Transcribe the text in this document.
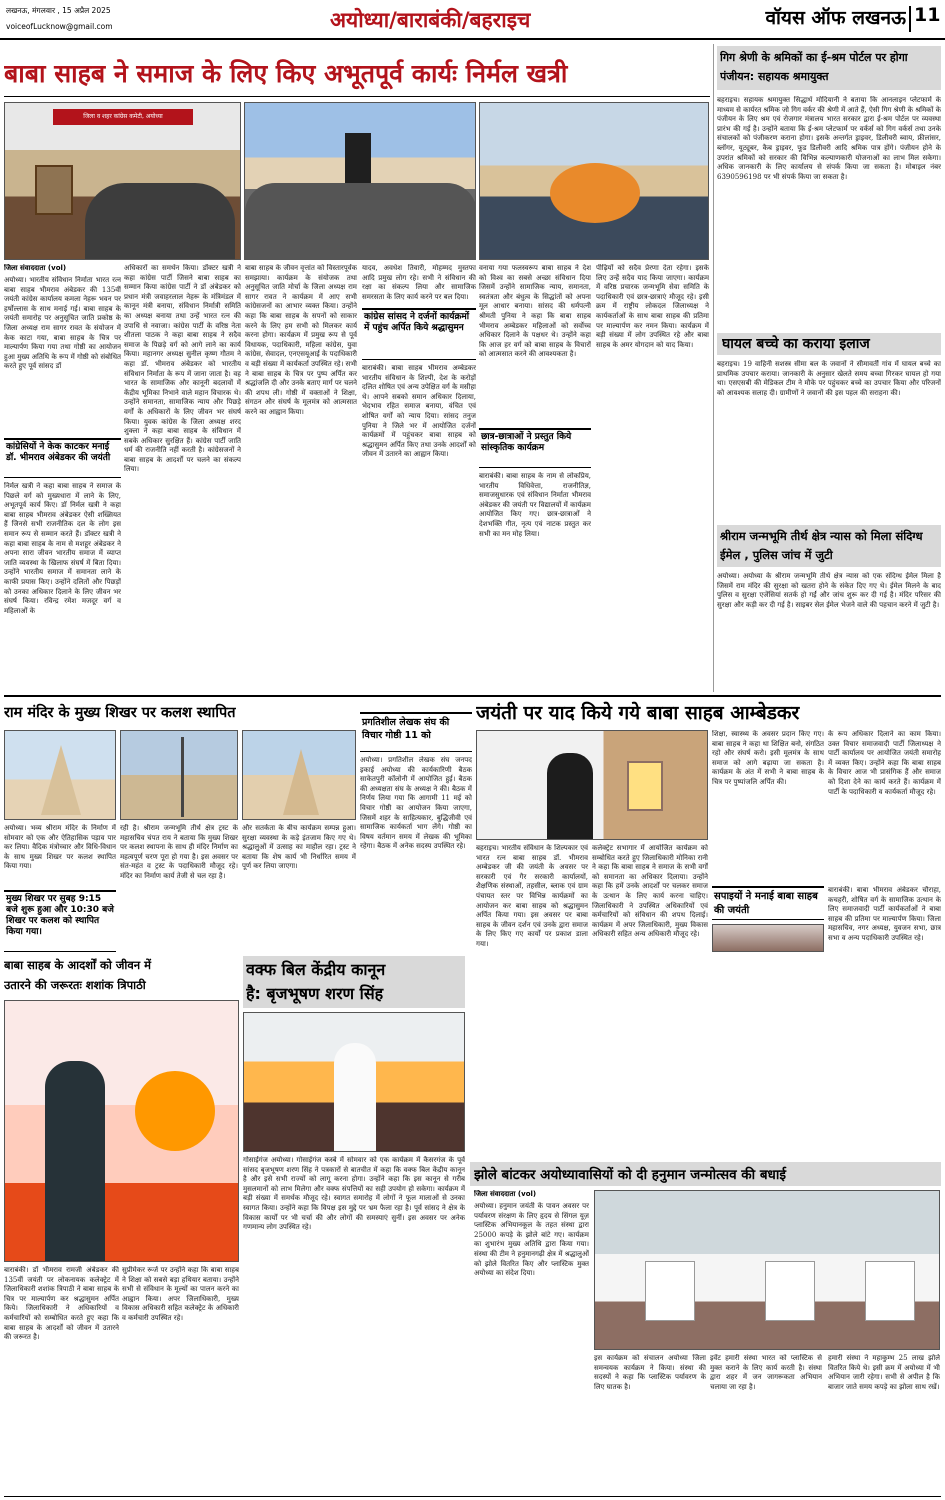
लखनऊ, मंगलवार , 15 अप्रैल 2025
voiceofLucknow@gmail.com	अयोध्या/बाराबंकी/बहराइच	वॉयस ऑफ लखनऊ 11
बाबा साहब ने समाज के लिए किए अभूतपूर्व कार्यः निर्मल खत्री
जिला व शहर कांग्रेस कमेटी, अयोध्या
जिला संवाददाता (vol)
अयोध्या। भारतीय संविधान निर्माता भारत रत्न बाबा साहब भीमराव अंबेडकर की 135वीं जयंती कांग्रेस कार्यालय कमला नेहरू भवन पर हर्षोल्लास के साथ मनाई गई। बाबा साहब के जयंती समारोह पर अनुसूचित जाति प्रकोष्ठ के जिला अध्यक्ष राम सागर रावत के संयोजन में केक काटा गया, बाबा साहब के चित्र पर माल्यार्पण किया गया तथा गोष्ठी का आयोजन हुआ मुख्य अतिथि के रूप में गोष्ठी को संबोधित करते हुए पूर्व सांसद डॉ
कांग्रेसियों ने केक काटकर मनाई डॉ. भीमराव अंबेडकर की जयंती
निर्मल खत्री ने कहा बाबा साहब ने समाज के पिछले वर्ग को मुख्यधारा में लाने के लिए, अभूतपूर्व कार्य किए। डॉ निर्मल खत्री ने कहा बाबा साहब भीमराव अंबेडकर ऐसी शख्सियत हैं जिनसे सभी राजनीतिक दल के लोग इस समान रूप से सम्मान करते हैं। डॉक्टर खत्री ने कहा बाबा साहब के नाम से मशहूर अंबेडकर ने अपना सारा जीवन भारतीय समाज में व्याप्त जाति व्यवस्था के खिलाफ संघर्ष में बिता दिया। उन्होंने भारतीय समाज में समानता लाने के काफी प्रयास किए। उन्होंने दलितों और पिछड़ों को उनका अधिकार दिलाने के लिए जीवन भर संघर्ष किया। रविन्द्र रमेश मजदूर वर्ग व महिलाओं के
अधिकारों का समर्थन किया। डॉक्टर खत्री ने कहा कांग्रेस पार्टी जिसने बाबा साहब का सम्मान किया कांग्रेस पार्टी ने डॉ अंबेडकर को प्रधान मंत्री जवाहरलाल नेहरू के मंत्रिमंडल में कानून मंत्री बनाया, संविधान निर्मात्री समिति का अध्यक्ष बनाया तथा उन्हें भारत रत्न की उपाधि से नवाजा। कांग्रेस पार्टी के वरिष्ठ नेता शीतला पाठक ने कहा बाबा साहब ने सदैव समाज के पिछड़े वर्ग को आगे लाने का कार्य किया। महानगर अध्यक्ष सुनील कृष्ण गौतम ने कहा डॉ. भीमराव अंबेडकर को भारतीय संविधान निर्माता के रूप में जाना जाता है। वह भारत के सामाजिक और कानूनी बदलावों में केंद्रीय भूमिका निभाने वाले महान विचारक थे। उन्होंने समानता, सामाजिक न्याय और पिछड़े वर्गों के अधिकारों के लिए जीवन भर संघर्ष किया। युवक कांग्रेस के जिला अध्यक्ष शरद शुक्ला ने कहा बाबा साहब के संविधान में सबके अधिकार सुरक्षित हैं। कांग्रेस पार्टी जाति धर्म की राजनीति नहीं करती है। कांग्रेसजनों ने बाबा साहब के आदर्शों पर चलने का संकल्प लिया।
बाबा साहब के जीवन वृत्तांत को विस्तारपूर्वक समझाया। कार्यक्रम के संयोजक तथा अनुसूचित जाति मोर्चा के जिला अध्यक्ष राम सागर रावत ने कार्यक्रम में आए सभी कांग्रेसजनों का आभार व्यक्त किया। उन्होंने कहा कि बाबा साहब के सपनों को साकार करने के लिए हम सभी को मिलकर कार्य करना होगा। कार्यक्रम में प्रमुख रूप से पूर्व विधायक, पदाधिकारी, महिला कांग्रेस, युवा कांग्रेस, सेवादल, एनएसयूआई के पदाधिकारी व बड़ी संख्या में कार्यकर्ता उपस्थित रहे। सभी ने बाबा साहब के चित्र पर पुष्प अर्पित कर श्रद्धांजलि दी और उनके बताए मार्ग पर चलने की शपथ ली। गोष्ठी में वक्ताओं ने शिक्षा, संगठन और संघर्ष के मूलमंत्र को आत्मसात करने का आह्वान किया।
यादव, अवधेश तिवारी, मोहम्मद मुस्तफा आदि प्रमुख लोग रहे। सभी ने संविधान की रक्षा का संकल्प लिया और सामाजिक समरसता के लिए कार्य करने पर बल दिया।
कांग्रेस सांसद ने दर्जनों कार्यक्रमों में पहुंच अर्पित किये श्रद्धासुमन
बाराबंकी। बाबा साहब भीमराव अम्बेडकर भारतीय संविधान के शिल्पी, देश के करोड़ों दलित शोषित एवं अन्य उपेक्षित वर्ग के मसीहा थे। आपने सबको समान अधिकार दिलाया, भेदभाव रहित समाज बनाया, वंचित एवं शोषित वर्गों को न्याय दिया। सांसद तनुज पुनिया ने जिले भर में आयोजित दर्जनों कार्यक्रमों में पहुंचकर बाबा साहब को श्रद्धासुमन अर्पित किए तथा उनके आदर्शों को जीवन में उतारने का आह्वान किया।
वनाया गया फलस्वरूप बाबा साहब ने देश को विश्व का सबसे अच्छा संविधान दिया जिसमें उन्होंने सामाजिक न्याय, समानता, स्वतंत्रता और बंधुत्व के सिद्धांतों को अपना मूल आधार बनाया। सांसद की धर्मपत्नी श्रीमती पुनिया ने कहा कि बाबा साहब भीमराव अम्बेडकर महिलाओं को सर्वोच्च अधिकार दिलाने के पक्षधर थे। उन्होंने कहा कि आज हर वर्ग को बाबा साहब के विचारों को आत्मसात करने की आवश्यकता है।
छात्र-छात्राओं ने प्रस्तुत किये सांस्कृतिक कार्यक्रम
बाराबंकी। बाबा साहब के नाम से लोकप्रिय, भारतीय विधिवेत्ता, राजनीतिज्ञ, समाजसुधारक एवं संविधान निर्माता भीमराव अंबेडकर की जयंती पर विद्यालयों में कार्यक्रम आयोजित किए गए। छात्र-छात्राओं ने देशभक्ति गीत, नृत्य एवं नाटक प्रस्तुत कर सभी का मन मोह लिया।
पीढ़ियों को सदैव प्रेरणा देता रहेगा। इसके लिए उन्हें सदैव याद किया जाएगा। कार्यक्रम में वरिष्ठ प्रचारक जन्मभूमि सेवा समिति के पदाधिकारी एवं छात्र-छात्राएं मौजूद रहे। इसी क्रम में राष्ट्रीय लोकदल जिलाध्यक्ष ने कार्यकर्ताओं के साथ बाबा साहब की प्रतिमा पर माल्यार्पण कर नमन किया। कार्यक्रम में बड़ी संख्या में लोग उपस्थित रहे और बाबा साहब के अमर योगदान को याद किया।
गिग श्रेणी के श्रमिकों का ई-श्रम पोर्टल पर होगा पंजीयन: सहायक श्रमायुक्त
बहराइच। सहायक श्रमायुक्त सिद्धार्थ मोदियानी ने बताया कि आनलाइन प्लेटफार्म के माध्यम से कार्यरत श्रमिक जो गिग वर्कर की श्रेणी में आते हैं, ऐसी गिग श्रेणी के श्रमिकों के पंजीयन के लिए श्रम एवं रोजगार मंत्रालय भारत सरकार द्वारा ई-श्रम पोर्टल पर व्यवस्था प्रारंभ की गई है। उन्होंने बताया कि ई-श्रम प्लेटफार्म पर वर्कर्स को गिग वर्कर्स तथा उनके संचालकों को पंजीकरण कराना होगा। इसके अन्तर्गत ड्राइवर, डिलीवरी ब्वाय, फ्रीलांसर, ब्लॉगर, यूट्यूबर, कैब ड्राइवर, फूड डिलीवरी आदि श्रमिक पात्र होंगे। पंजीयन होने के उपरांत श्रमिकों को सरकार की विभिन्न कल्याणकारी योजनाओं का लाभ मिल सकेगा। अधिक जानकारी के लिए कार्यालय से संपर्क किया जा सकता है। मोबाइल नंबर 6390596198 पर भी संपर्क किया जा सकता है।
घायल बच्चे का कराया इलाज
बहराइच। 19 वाहिनी सशस्त्र सीमा बल के जवानों ने सीमावर्ती गांव में घायल बच्चे का प्राथमिक उपचार कराया। जानकारी के अनुसार खेलते समय बच्चा गिरकर घायल हो गया था। एसएसबी की मेडिकल टीम ने मौके पर पहुंचकर बच्चे का उपचार किया और परिजनों को आवश्यक सलाह दी। ग्रामीणों ने जवानों की इस पहल की सराहना की।
श्रीराम जन्मभूमि तीर्थ क्षेत्र न्यास को मिला संदिग्ध ईमेल , पुलिस जांच में जुटी
अयोध्या। अयोध्या के श्रीराम जन्मभूमि तीर्थ क्षेत्र न्यास को एक संदिग्ध ईमेल मिला है जिसमें राम मंदिर की सुरक्षा को खतरा होने के संकेत दिए गए थे। ईमेल मिलने के बाद पुलिस व सुरक्षा एजेंसियां सतर्क हो गईं और जांच शुरू कर दी गई है। मंदिर परिसर की सुरक्षा और कड़ी कर दी गई है। साइबर सेल ईमेल भेजने वाले की पहचान करने में जुटी है।
राम मंदिर के मुख्य शिखर पर कलश स्थापित
अयोध्या। भव्य श्रीराम मंदिर के निर्माण में सोमवार को एक और ऐतिहासिक पड़ाव पार कर लिया। वैदिक मंत्रोच्चार और विधि-विधान के साथ मुख्य शिखर पर कलश स्थापित किया गया।
मुख्य शिखर पर सुबह 9:15 बजे शुरू हुआ और 10:30 बजे शिखर पर कलश को स्थापित किया गया।
रही है। श्रीराम जन्मभूमि तीर्थ क्षेत्र ट्रस्ट के महासचिव चंपत राय ने बताया कि मुख्य शिखर पर कलश स्थापना के साथ ही मंदिर निर्माण का महत्वपूर्ण चरण पूरा हो गया है। इस अवसर पर संत-महंत व ट्रस्ट के पदाधिकारी मौजूद रहे। मंदिर का निर्माण कार्य तेजी से चल रहा है।
और सतर्कता के बीच कार्यक्रम सम्पन्न हुआ। सुरक्षा व्यवस्था के कड़े इंतजाम किए गए थे। श्रद्धालुओं में उत्साह का माहौल रहा। ट्रस्ट ने बताया कि शेष कार्य भी निर्धारित समय में पूर्ण कर लिया जाएगा।
प्रगतिशील लेखक संघ की विचार गोष्ठी 11 को
अयोध्या। प्रगतिशील लेखक संघ जनपद इकाई अयोध्या की कार्यकारिणी बैठक साकेतपुरी कॉलोनी में आयोजित हुई। बैठक की अध्यक्षता संघ के अध्यक्ष ने की। बैठक में निर्णय लिया गया कि आगामी 11 मई को विचार गोष्ठी का आयोजन किया जाएगा, जिसमें शहर के साहित्यकार, बुद्धिजीवी एवं सामाजिक कार्यकर्ता भाग लेंगे। गोष्ठी का विषय वर्तमान समय में लेखक की भूमिका रहेगा। बैठक में अनेक सदस्य उपस्थित रहे।
जयंती पर याद किये गये बाबा साहब आम्बेडकर
बहराइच। भारतीय संविधान के शिल्पकार एवं भारत रत्न बाबा साहब डॉ. भीमराव अम्बेडकर जी की जयंती के अवसर पर सरकारी एवं गैर सरकारी कार्यालयों, शैक्षणिक संस्थाओं, तहसील, ब्लाक एवं ग्राम पंचायत स्तर पर विभिन्न कार्यक्रमों का आयोजन कर बाबा साहब को श्रद्धासुमन अर्पित किया गया। इस अवसर पर बाबा साहब के जीवन दर्शन एवं उनके द्वारा समाज के लिए किए गए कार्यों पर प्रकाश डाला गया।
कलेक्ट्रेट सभागार में आयोजित कार्यक्रम को सम्बोधित करते हुए जिलाधिकारी मोनिका रानी ने कहा कि बाबा साहब ने समाज के सभी वर्गों को समानता का अधिकार दिलाया। उन्होंने कहा कि हमें उनके आदर्शों पर चलकर समाज के उत्थान के लिए कार्य करना चाहिए। जिलाधिकारी ने उपस्थित अधिकारियों एवं कर्मचारियों को संविधान की शपथ दिलाई। कार्यक्रम में अपर जिलाधिकारी, मुख्य विकास अधिकारी सहित अन्य अधिकारी मौजूद रहे।
शिक्षा, स्वास्थ्य के अवसर प्रदान किए गए। बाबा साहब ने कहा था शिक्षित बनो, संगठित रहो और संघर्ष करो। इसी मूलमंत्र के साथ समाज को आगे बढ़ाया जा सकता है। कार्यक्रम के अंत में सभी ने बाबा साहब के चित्र पर पुष्पांजलि अर्पित की।
के रूप अधिकार दिलाने का काम किया। उक्त विचार समाजवादी पार्टी जिलाध्यक्ष ने पार्टी कार्यालय पर आयोजित जयंती समारोह में व्यक्त किए। उन्होंने कहा कि बाबा साहब के विचार आज भी प्रासंगिक हैं और समाज को दिशा देने का कार्य करते हैं। कार्यक्रम में पार्टी के पदाधिकारी व कार्यकर्ता मौजूद रहे।
सपाइयों ने मनाई बाबा साहब की जयंती
बाराबंकी। बाबा भीमराव अंबेडकर चौराहा, कचहरी, शोषित वर्ग के सामाजिक उत्थान के लिए समाजवादी पार्टी कार्यकर्ताओं ने बाबा साहब की प्रतिमा पर माल्यार्पण किया। जिला महासचिव, नगर अध्यक्ष, युवजन सभा, छात्र सभा व अन्य पदाधिकारी उपस्थित रहे।
बाबा साहब के आदर्शों को जीवन में
उतारने की जरूरतः शशांक त्रिपाठी
बाराबंकी। डॉ भीमराव रामजी अंबेडकर की 135वीं जयंती पर लोकनायक कलेक्ट्रेट में जिलाधिकारी शशांक त्रिपाठी ने बाबा साहब के चित्र पर माल्यार्पण कर श्रद्धासुमन अर्पित किये। जिलाधिकारी ने अधिकारियों व कर्मचारियों को सम्बोधित करते हुए कहा कि बाबा साहब के आदर्शों को जीवन में उतारने की जरूरत है।
सुप्रीमेकर रूर्ज पर उन्होंने कहा कि बाबा साहब ने शिक्षा को सबसे बड़ा हथियार बताया। उन्होंने सभी से संविधान के मूल्यों का पालन करने का आह्वान किया। अपर जिलाधिकारी, मुख्य विकास अधिकारी सहित कलेक्ट्रेट के अधिकारी व कर्मचारी उपस्थित रहे।
वक्फ बिल केंद्रीय कानून
है: बृजभूषण शरण सिंह
गोसाईगंज अयोध्या। गोसाईगंज कस्बे में सोमवार को एक कार्यक्रम में कैसरगंज के पूर्व सांसद बृजभूषण शरण सिंह ने पत्रकारों से बातचीत में कहा कि वक्फ बिल केंद्रीय कानून है और इसे सभी राज्यों को लागू करना होगा। उन्होंने कहा कि इस कानून से गरीब मुसलमानों को लाभ मिलेगा और वक्फ संपत्तियों का सही उपयोग हो सकेगा। कार्यक्रम में बड़ी संख्या में समर्थक मौजूद रहे। स्वागत समारोह में लोगों ने फूल मालाओं से उनका स्वागत किया। उन्होंने कहा कि विपक्ष इस मुद्दे पर भ्रम फैला रहा है। पूर्व सांसद ने क्षेत्र के विकास कार्यों पर भी चर्चा की और लोगों की समस्याएं सुनीं। इस अवसर पर अनेक गणमान्य लोग उपस्थित रहे।
झोले बांटकर अयोध्यावासियों को दी हनुमान जन्मोत्सव की बधाई
जिला संवाददाता (vol)
अयोध्या। हनुमान जयंती के पावन अवसर पर पर्यावरण संरक्षण के लिए हृदय से सिंगल यूज़ प्लास्टिक अभियानकूल के तहत संस्था द्वारा 25000 कपड़े के झोले बांटे गए। कार्यक्रम का शुभारंभ मुख्य अतिथि द्वारा किया गया। संस्था की टीम ने हनुमानगढ़ी क्षेत्र में श्रद्धालुओं को झोले वितरित किए और प्लास्टिक मुक्त अयोध्या का संदेश दिया।
इस कार्यक्रम को संचालन अयोध्या जिला समन्वयक कार्यक्रम ने किया। संस्था की सदस्यों ने कहा कि प्लास्टिक पर्यावरण के लिए घातक है।
इवेंट हमारी संस्था भारत को प्लास्टिक से मुक्त कराने के लिए कार्य करती है। संस्था द्वारा शहर में जन जागरूकता अभियान चलाया जा रहा है।
हमारी संस्था ने महाकुम्भ 25 लाख झोले वितरित किये थे। इसी क्रम में अयोध्या में भी अभियान जारी रहेगा। सभी से अपील है कि बाजार जाते समय कपड़े का झोला साथ रखें।
